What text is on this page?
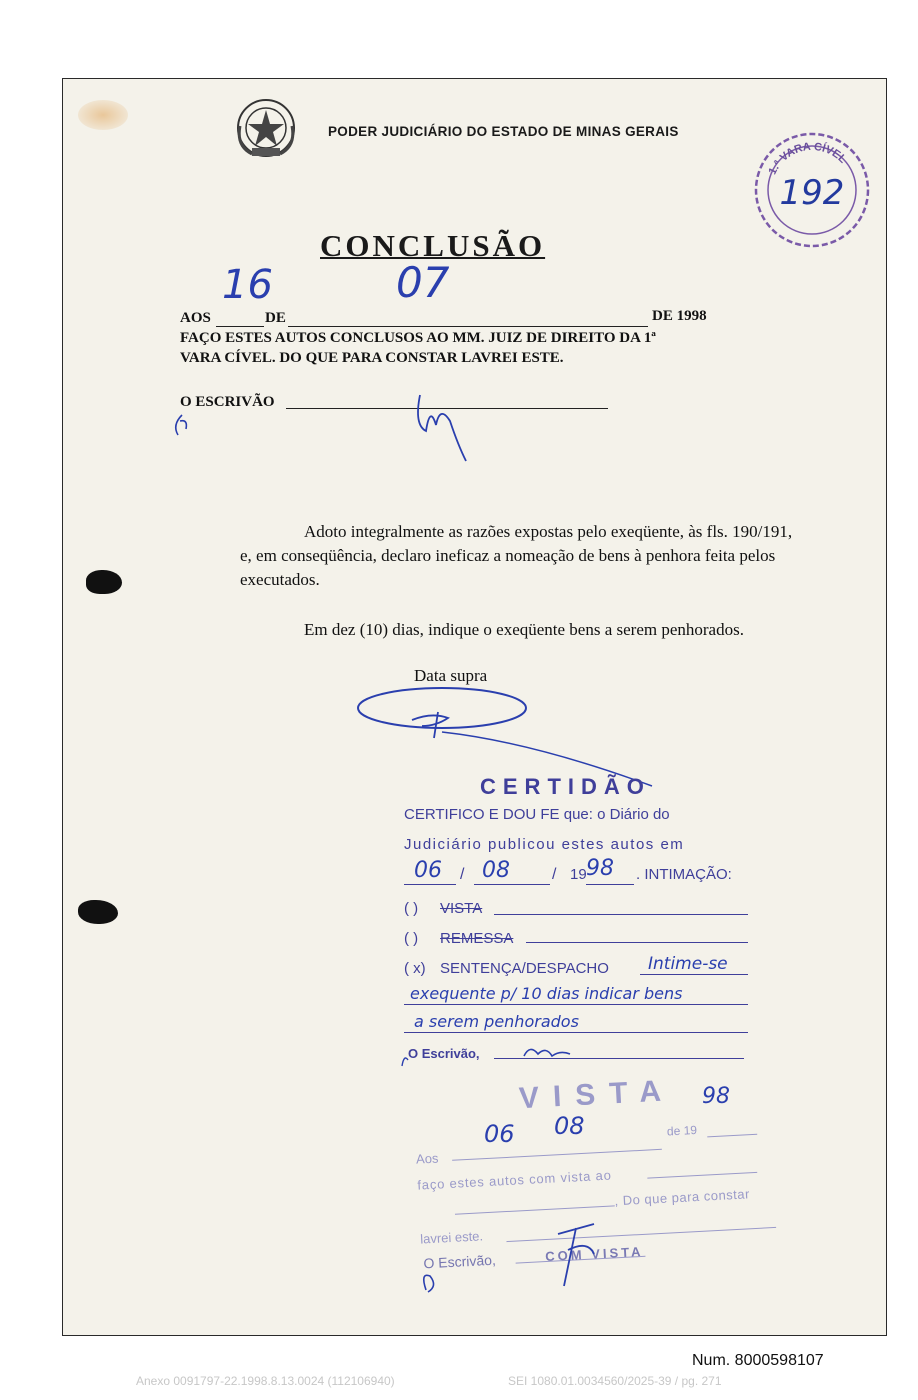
PODER JUDICIÁRIO DO ESTADO DE MINAS GERAIS
1.ª VARA CÍVEL
192
CONCLUSÃO
AOS
16
DE
07
DE 1998
FAÇO ESTES AUTOS CONCLUSOS AO MM. JUIZ DE DIREITO DA 1ª
VARA CÍVEL. DO QUE PARA CONSTAR LAVREI ESTE.
O ESCRIVÃO
Adoto integralmente as razões expostas pelo exeqüente, às fls. 190/191,
e, em conseqüência, declaro ineficaz a nomeação de bens à penhora feita pelos
executados.
Em dez (10) dias, indique o exeqüente bens a serem penhorados.
Data supra
CERTIDÃO
CERTIFICO E DOU FE que: o Diário do
Judiciário publicou estes autos em
06 / 08	/ 19 98 . INTIMAÇÃO:
( ) VISTA
( ) REMESSA
( x) SENTENÇA/DESPACHO Intime-se
exequente p/ 10 dias indicar bens
a serem penhorados
O Escrivão,
VISTA
Aos
de 19
faço estes autos com vista ao
, Do que para constar
lavrei este.
O Escrivão,	COM VISTA
06 08
98
Num. 8000598107
Anexo 0091797-22.1998.8.13.0024 (112106940)	SEI 1080.01.0034560/2025-39 / pg. 271
